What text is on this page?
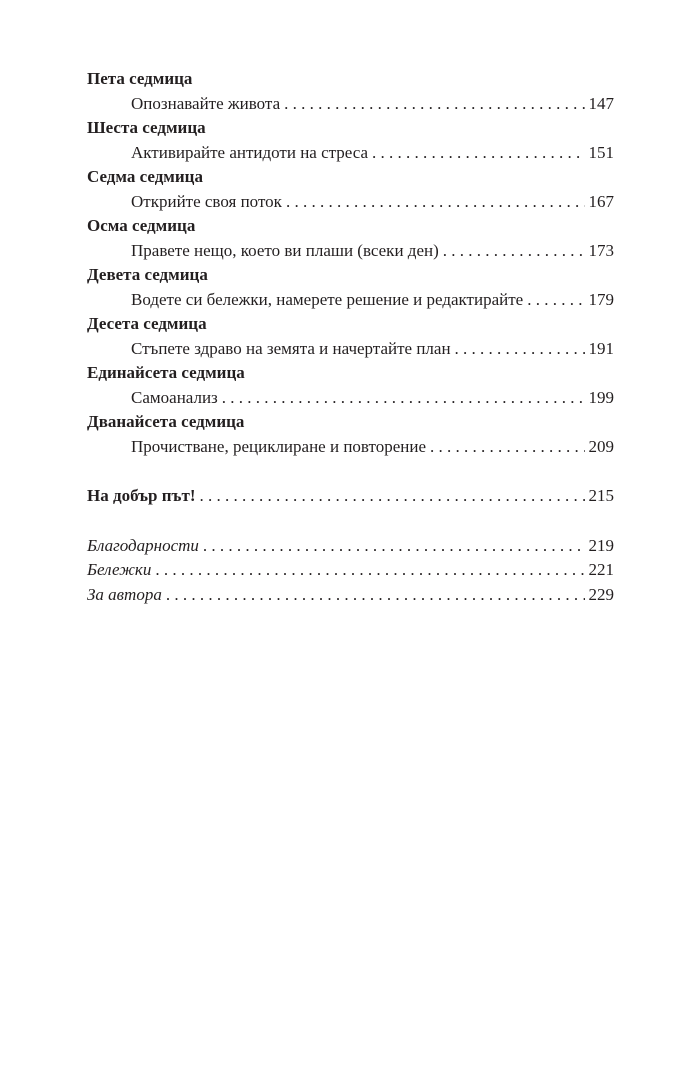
Пета седмица
Опознавайте живота . . .	147
Шеста седмица
Активирайте антидоти на стреса . . .	151
Седма седмица
Открийте своя поток . . .	167
Осма седмица
Правете нещо, което ви плаши (всеки ден) . . .	173
Девета седмица
Водете си бележки, намерете решение и редактирайте . . .	179
Десета седмица
Стъпете здраво на земята и начертайте план . . .	191
Единайсета седмица
Самоанализ . . .	199
Дванайсета седмица
Прочистване, рециклиране и повторение . . .	209
На добър път! . . .	215
Благодарности . . .	219
Бележки . . .	221
За автора . . .	229
